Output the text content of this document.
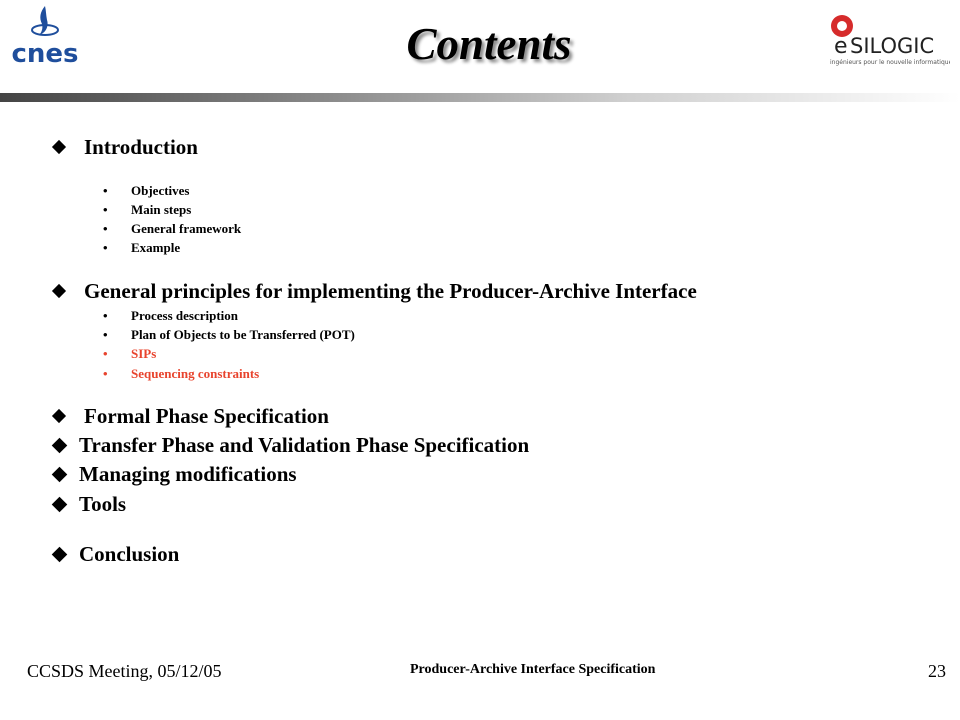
cnes	Contents	e SILOGIC
ingénieurs pour le nouvelle informatique
Introduction
• Objectives
• Main steps
• General framework
• Example
General principles for implementing the Producer-Archive Interface
• Process description
• Plan of Objects to be Transferred (POT)
• SIPs
• Sequencing constraints
Formal Phase Specification
Transfer Phase and Validation Phase Specification
Managing modifications
Tools
Conclusion
CCSDS Meeting, 05/12/05	Producer-Archive Interface Specification	23
